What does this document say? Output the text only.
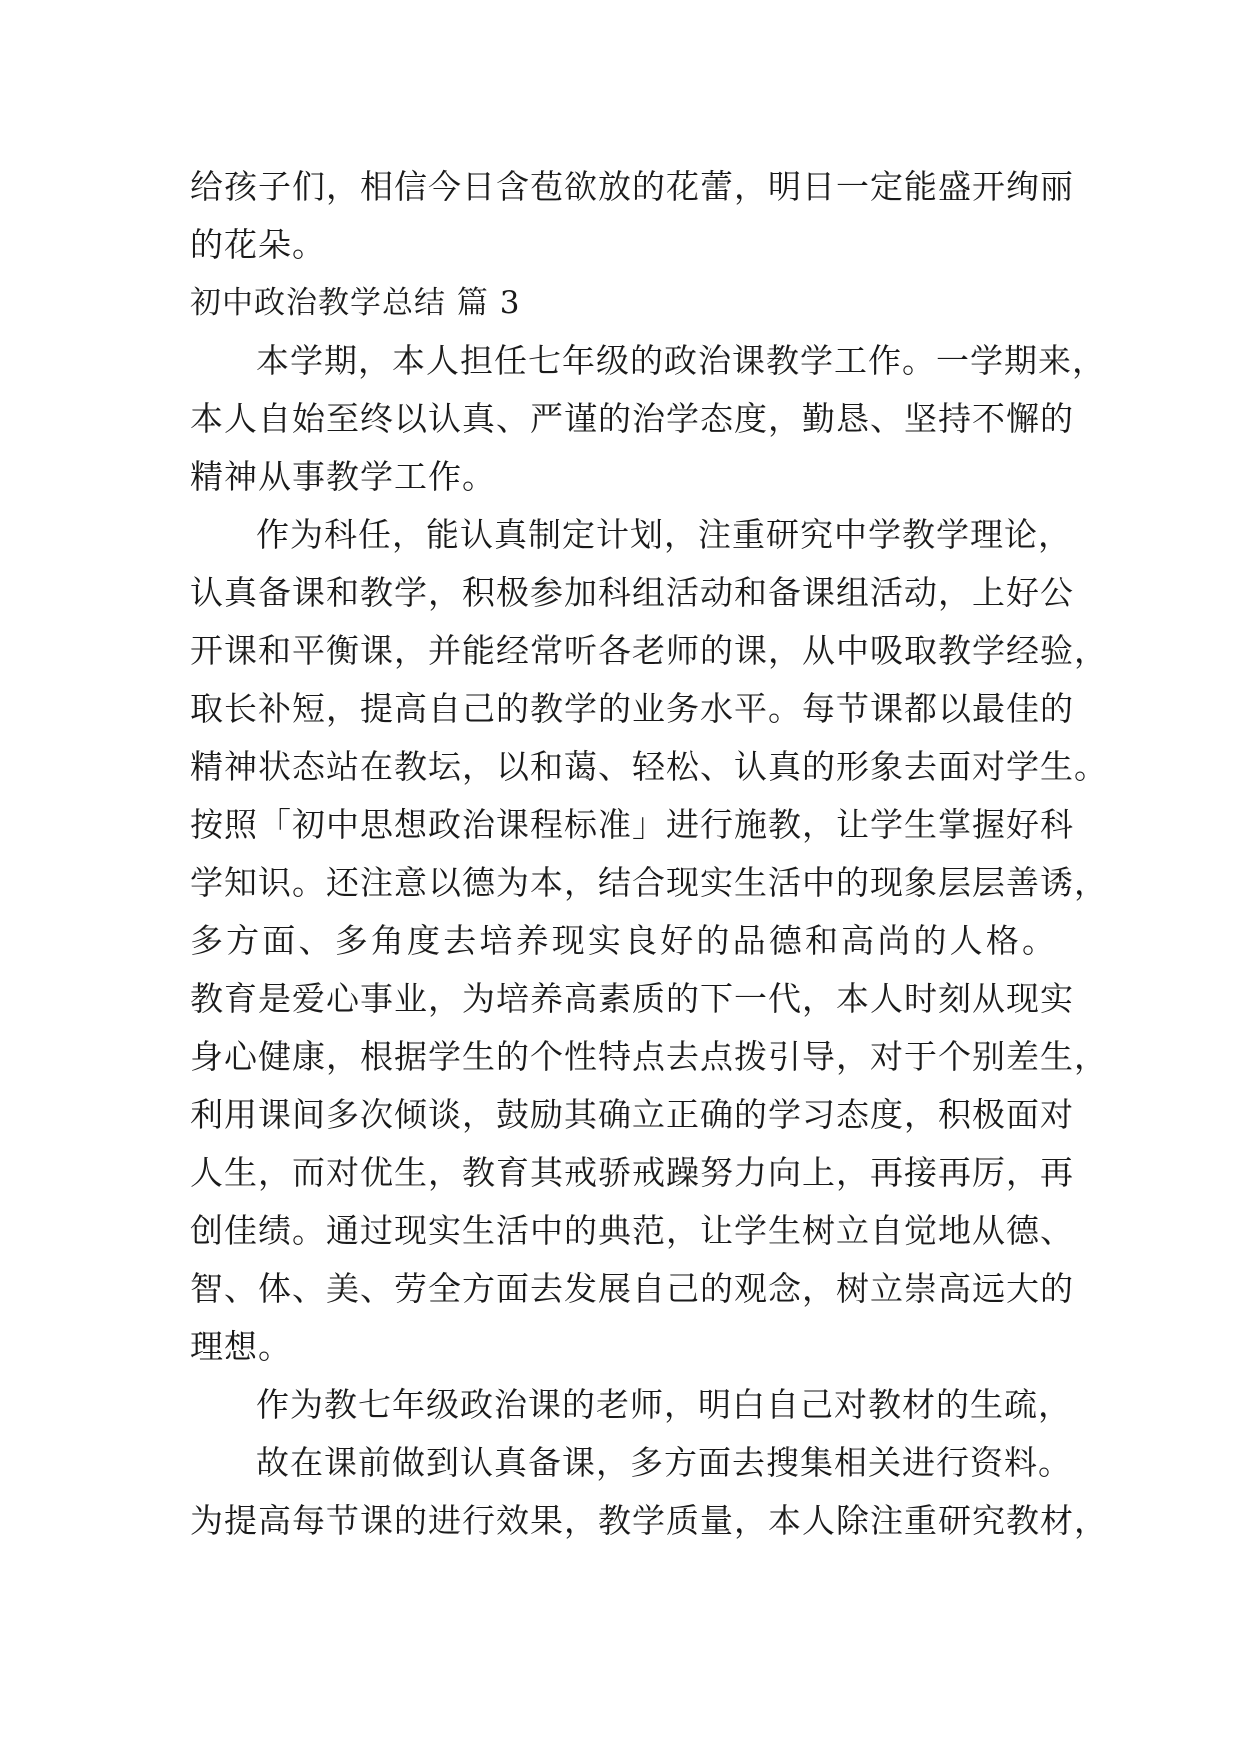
给孩子们，相信今日含苞欲放的花蕾，明日一定能盛开绚丽
的花朵。
初中政治教学总结 篇 3
本学期，本人担任七年级的政治课教学工作。一学期来，
本人自始至终以认真、严谨的治学态度，勤恳、坚持不懈的
精神从事教学工作。
作为科任，能认真制定计划，注重研究中学教学理论，
认真备课和教学，积极参加科组活动和备课组活动，上好公
开课和平衡课，并能经常听各老师的课，从中吸取教学经验，
取长补短，提高自己的教学的业务水平。每节课都以最佳的
精神状态站在教坛，以和蔼、轻松、认真的形象去面对学生。
按照「初中思想政治课程标准」进行施教，让学生掌握好科
学知识。还注意以德为本，结合现实生活中的现象层层善诱，
多方面、多角度去培养现实良好的品德和高尚的人格。
教育是爱心事业，为培养高素质的下一代，本人时刻从现实
身心健康，根据学生的个性特点去点拨引导，对于个别差生，
利用课间多次倾谈，鼓励其确立正确的学习态度，积极面对
人生，而对优生，教育其戒骄戒躁努力向上，再接再厉，再
创佳绩。通过现实生活中的典范，让学生树立自觉地从德、
智、体、美、劳全方面去发展自己的观念，树立崇高远大的
理想。
作为教七年级政治课的老师，明白自己对教材的生疏，
故在课前做到认真备课，多方面去搜集相关进行资料。
为提高每节课的进行效果，教学质量，本人除注重研究教材，
